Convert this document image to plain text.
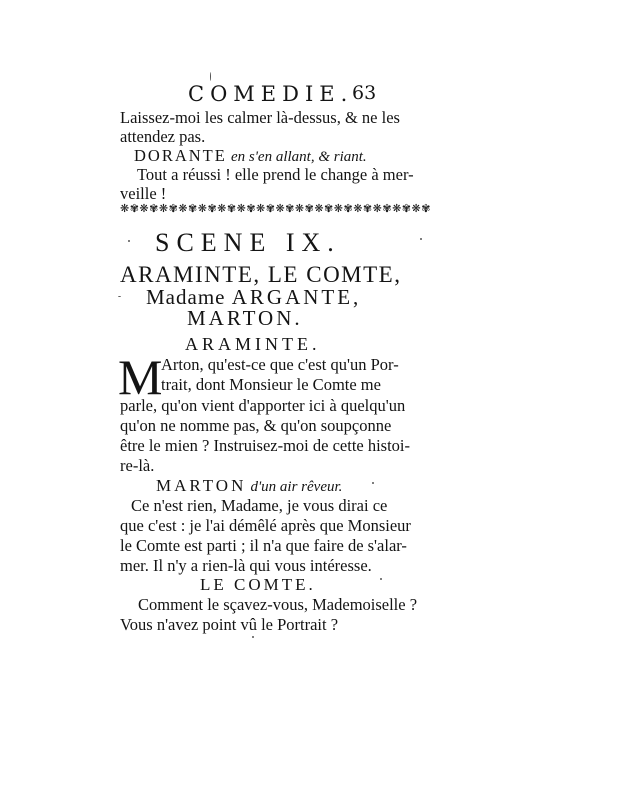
COMEDIE.
63
Laissez-moi les calmer là-dessus, & ne les
attendez pas.
DORANTE en s'en allant, & riant.
Tout a réussi ! elle prend le change à mer-
veille !
❋✾❋✾❋✾❋✾❋✾❋✾❋✾❋✾❋✾❋✾❋✾❋✾❋✾❋✾❋✾❋✾
SCENE IX.
ARAMINTE, LE COMTE,
Madame ARGANTE,
MARTON.
ARAMINTE.
M
Arton, qu'est-ce que c'est qu'un Por-
trait, dont Monsieur le Comte me
parle, qu'on vient d'apporter ici à quelqu'un
qu'on ne nomme pas, & qu'on soupçonne
être le mien ? Instruisez-moi de cette histoi-
re-là.
MARTON d'un air rêveur.
Ce n'est rien, Madame, je vous dirai ce
que c'est : je l'ai démêlé après que Monsieur
le Comte est parti ; il n'a que faire de s'alar-
mer. Il n'y a rien-là qui vous intéresse.
LE COMTE.
Comment le sçavez-vous, Mademoiselle ?
Vous n'avez point vû le Portrait ?
